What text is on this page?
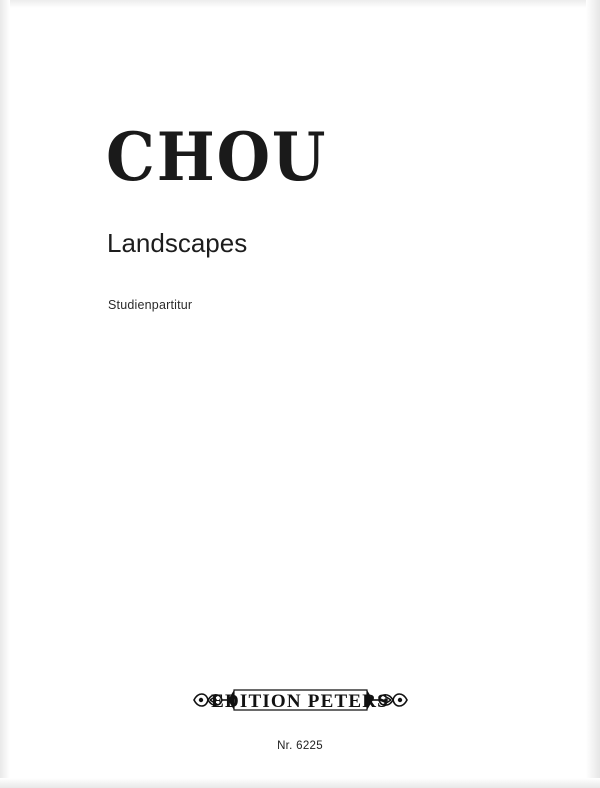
CHOU
Landscapes
Studienpartitur
EDITION PETERS
Nr. 6225
